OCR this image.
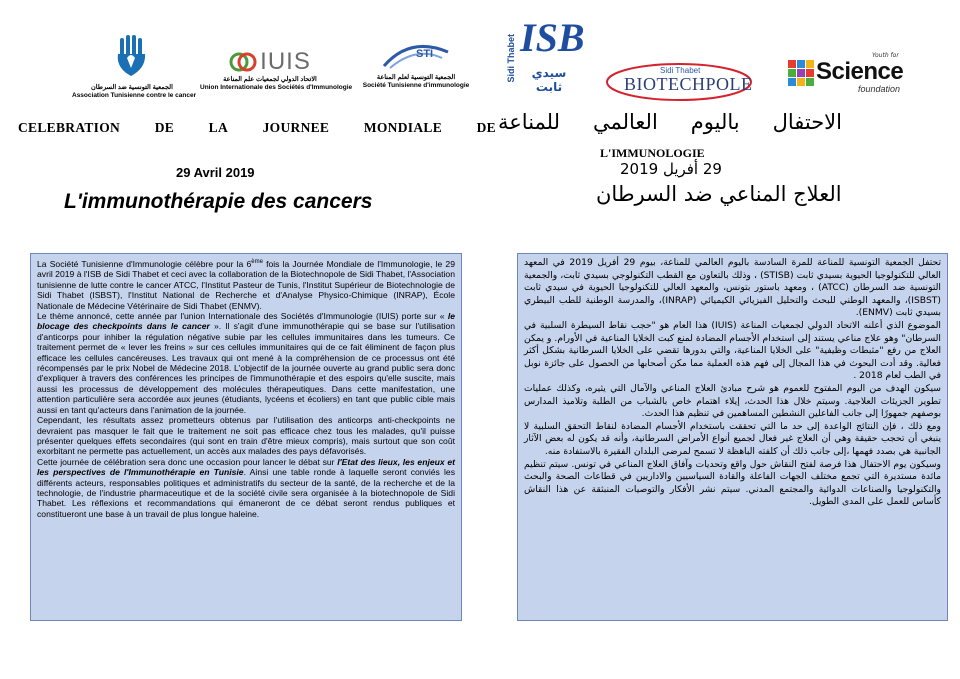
الجمعية التونسية ضد السرطان
Association Tunisienne contre le cancer
IUIS
الاتحاد الدولي لجمعيات علم المناعة
Union Internationale des Sociétés d'Immunologie
STI
الجمعية التونسية لعلم المناعة
Société Tunisienne d'immunologie
Sidi Thabet ISB
سيدي ثابت
Sidi Thabet
BIOTECHPOLE
Youth for
Science
foundation
CELEBRATION	DE	LA	JOURNEE	MONDIALE	DE	الاحتفال
باليوم
العالمي
للمناعة
L'IMMUNOLOGIE
29 Avril 2019
L'immunothérapie des cancers
29 أفريل 2019
العلاج المناعي ضد السرطان

La Société Tunisienne d'Immunologie célèbre pour la 6ème fois la Journée Mondiale de l'Immunologie, le 29 avril 2019 à l'ISB de Sidi Thabet et ceci avec la collaboration de la Biotechnopole de Sidi Thabet, l'Association tunisienne de lutte contre le cancer ATCC, l'Institut Pasteur de Tunis, l'Institut Supérieur de Biotechnologie de Sidi Thabet (ISBST), l'Institut National de Recherche et d'Analyse Physico-Chimique (INRAP), École Nationale de Médecine Vétérinaire de Sidi Thabet (ENMV).

Le thème annoncé, cette année par l'union Internationale des Sociétés d'Immunologie (IUIS) porte sur « le blocage des checkpoints dans le cancer ». Il s'agit d'une immunothérapie qui se base sur l'utilisation d'anticorps pour inhiber la régulation négative subie par les cellules immunitaires dans les tumeurs. Ce traitement permet de « lever les freins » sur ces cellules immunitaires qui de ce fait éliminent de façon plus efficace les cellules cancéreuses. Les travaux qui ont mené à la compréhension de ce processus ont été récompensés par le prix Nobel de Médecine 2018. L'objectif de la journée ouverte au grand public sera donc d'expliquer à travers des conférences les principes de l'immunothérapie et des espoirs qu'elle suscite, mais aussi les processus de développement des molécules thérapeutiques. Dans cette manifestation, une attention particulière sera accordée aux jeunes (étudiants, lycéens et écoliers) en tant que public cible mais aussi en tant qu'acteurs dans l'animation de la journée.

Cependant, les résultats assez prometteurs obtenus par l'utilisation des anticorps anti-checkpoints ne devraient pas masquer le fait que le traitement ne soit pas efficace chez tous les malades, qu'il puisse présenter quelques effets secondaires (qui sont en train d'être mieux compris), mais surtout que son coût exorbitant ne permette pas actuellement, un accès aux malades des pays défavorisés.

Cette journée de célébration sera donc une occasion pour lancer le débat sur l'Etat des lieux, les enjeux et les perspectives de l'Immunothérapie en Tunisie. Ainsi une table ronde à laquelle seront conviés les différents acteurs, responsables politiques et administratifs du secteur de la santé, de la recherche et de la technologie, de l'industrie pharmaceutique et de la société civile sera organisée à la biotechnopole de Sidi Thabet. Les réflexions et recommandations qui émaneront de ce débat seront rendus publiques et constitueront une base à un travail de plus longue haleine.

تحتفل الجمعية التونسية للمناعة للمرة السادسة باليوم العالمي للمناعة، بيوم 29 أفريل 2019 في المعهد العالي للتكنولوجيا الحيوية بسيدي ثابت (STISB) ، وذلك بالتعاون مع القطب التكنولوجي بسيدي ثابت، والجمعية التونسية ضد السرطان (ATCC) ، ومعهد باستور بتونس، والمعهد العالي للتكنولوجيا الحيوية في سيدي ثابت (ISBST)، والمعهد الوطني للبحث والتحليل الفيزيائي الكيميائي (INRAP)، والمدرسة الوطنية للطب البيطري بسيدي ثابت (ENMV).

الموضوع الذي أعلنه الاتحاد الدولي لجمعيات المناعة (IUIS) هذا العام هو "حجب نقاط السيطرة السلبية في السرطان" وهو علاج مناعي يستند إلى استخدام الأجسام المضادة لمنع كبت الخلايا المناعية في الأورام. و يمكن العلاج من رفع "مثبطات وظيفية" على الخلايا المناعية، والتي بدورها تقضي على الخلايا السرطانية بشكل أكثر فعالية. وقد أدت البحوث في هذا المجال إلى فهم هذه العملية مما مكن أصحابها من الحصول على جائزة نوبل في الطب لعام 2018 .

سيكون الهدف من اليوم المفتوح للعموم هو شرح مبادئ العلاج المناعي والآمال التي يثيره، وكذلك عمليات تطوير الجزيئات العلاجية. وسيتم خلال هذا الحدث، إيلاء اهتمام خاص بالشباب من الطلبة وتلاميذ المدارس بوصفهم جمهورًا إلى جانب الفاعلين النشطين المساهمين في تنظيم هذا الحدث.

ومع ذلك ، فإن النتائج الواعدة إلى حد ما التي تحققت باستخدام الأجسام المضادة لنقاط التحقق السلبية لا ينبغي أن تحجب حقيقة وهي أن العلاج غير فعال لجميع أنواع الأمراض السرطانية، وأنه قد يكون له بعض الآثار الجانبية هي بصدد فهمها ،إلى جانب ذلك أن كلفته الباهظة لا تسمح لمرضى البلدان الفقيرة بالاستفادة منه.

وسيكون يوم الاحتفال هذا فرصة لفتح النقاش حول واقع وتحديات وآفاق العلاج المناعي في تونس. سيتم تنظيم مائدة مستديرة التي تجمع مختلف الجهات الفاعلة والقادة السياسيين والاداريين في قطاعات الصحة والبحث والتكنولوجيا والصناعات الدوائية والمجتمع المدني. سيتم نشر الأفكار والتوصيات المنبثقة عن هذا النقاش كأساس للعمل على المدى الطويل.
